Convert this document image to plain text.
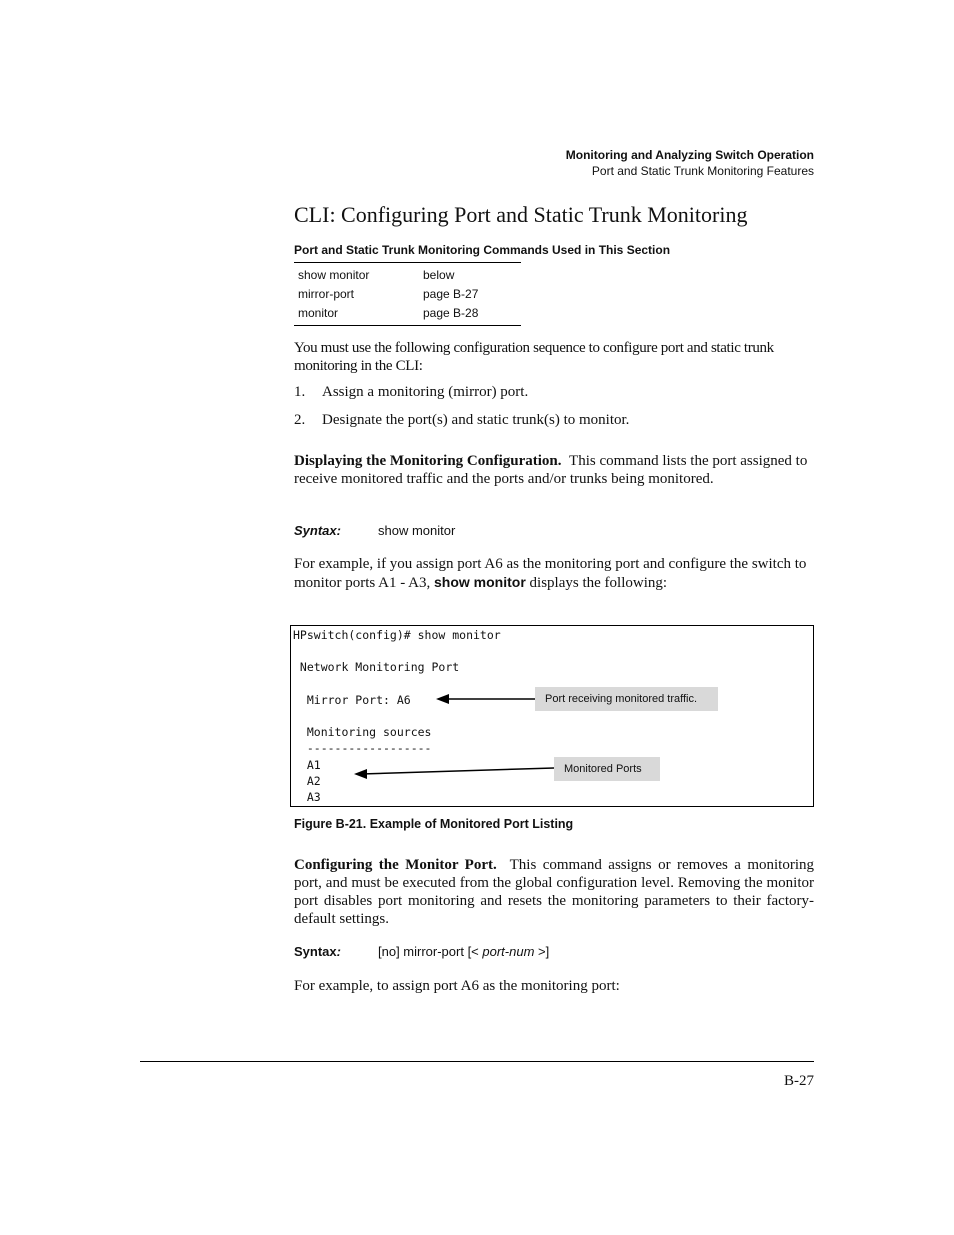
Monitoring and Analyzing Switch Operation
Port and Static Trunk Monitoring Features
CLI: Configuring Port and Static Trunk Monitoring
Port and Static Trunk Monitoring Commands Used in This Section
show monitor	below
mirror-port	page B-27
monitor	page B-28
You must use the following configuration sequence to configure port and static trunk monitoring in the CLI:
1. Assign a monitoring (mirror) port.
2. Designate the port(s) and static trunk(s) to monitor.
Displaying the Monitoring Configuration. This command lists the port assigned to receive monitored traffic and the ports and/or trunks being monitored.
Syntax:	show monitor
For example, if you assign port A6 as the monitoring port and configure the switch to monitor ports A1 - A3, show monitor displays the following:
HPswitch(config)# show monitor
Network Monitoring Port
Mirror Port: A6
Monitoring sources
------------------
A1
A2
A3
Port receiving monitored traffic.
Monitored Ports
Figure B-21. Example of Monitored Port Listing
Configuring the Monitor Port. This command assigns or removes a monitoring port, and must be executed from the global configuration level. Removing the monitor port disables port monitoring and resets the monitoring parameters to their factory-default settings.
Syntax:	[no] mirror-port [< port-num >]
For example, to assign port A6 as the monitoring port:
B-27
